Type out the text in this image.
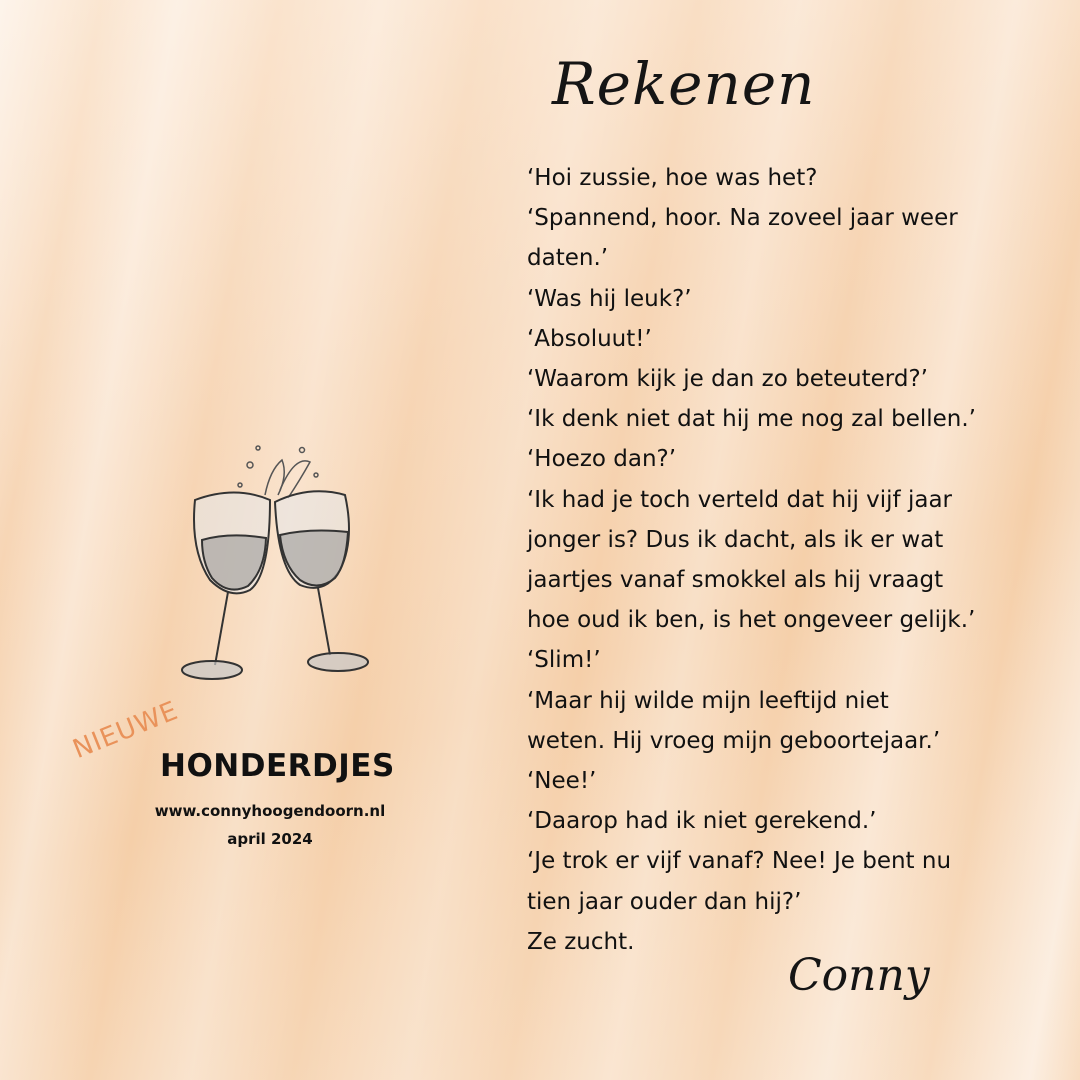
Rekenen
‘Hoi zussie, hoe was het?
‘Spannend, hoor. Na zoveel jaar weer
daten.’
‘Was hij leuk?’
‘Absoluut!’
‘Waarom kijk je dan zo beteuterd?’
‘Ik denk niet dat hij me nog zal bellen.’
‘Hoezo dan?’
‘Ik had je toch verteld dat hij vijf jaar
jonger is? Dus ik dacht, als ik er wat
jaartjes vanaf smokkel als hij vraagt
hoe oud ik ben, is het ongeveer gelijk.’
‘Slim!’
‘Maar hij wilde mijn leeftijd niet
weten. Hij vroeg mijn geboortejaar.’
‘Nee!’
‘Daarop had ik niet gerekend.’
‘Je trok er vijf vanaf? Nee! Je bent nu
tien jaar ouder dan hij?’
Ze zucht.
Conny
NIEUWE
HONDERDJES
www.connyhoogendoorn.nl
april 2024
